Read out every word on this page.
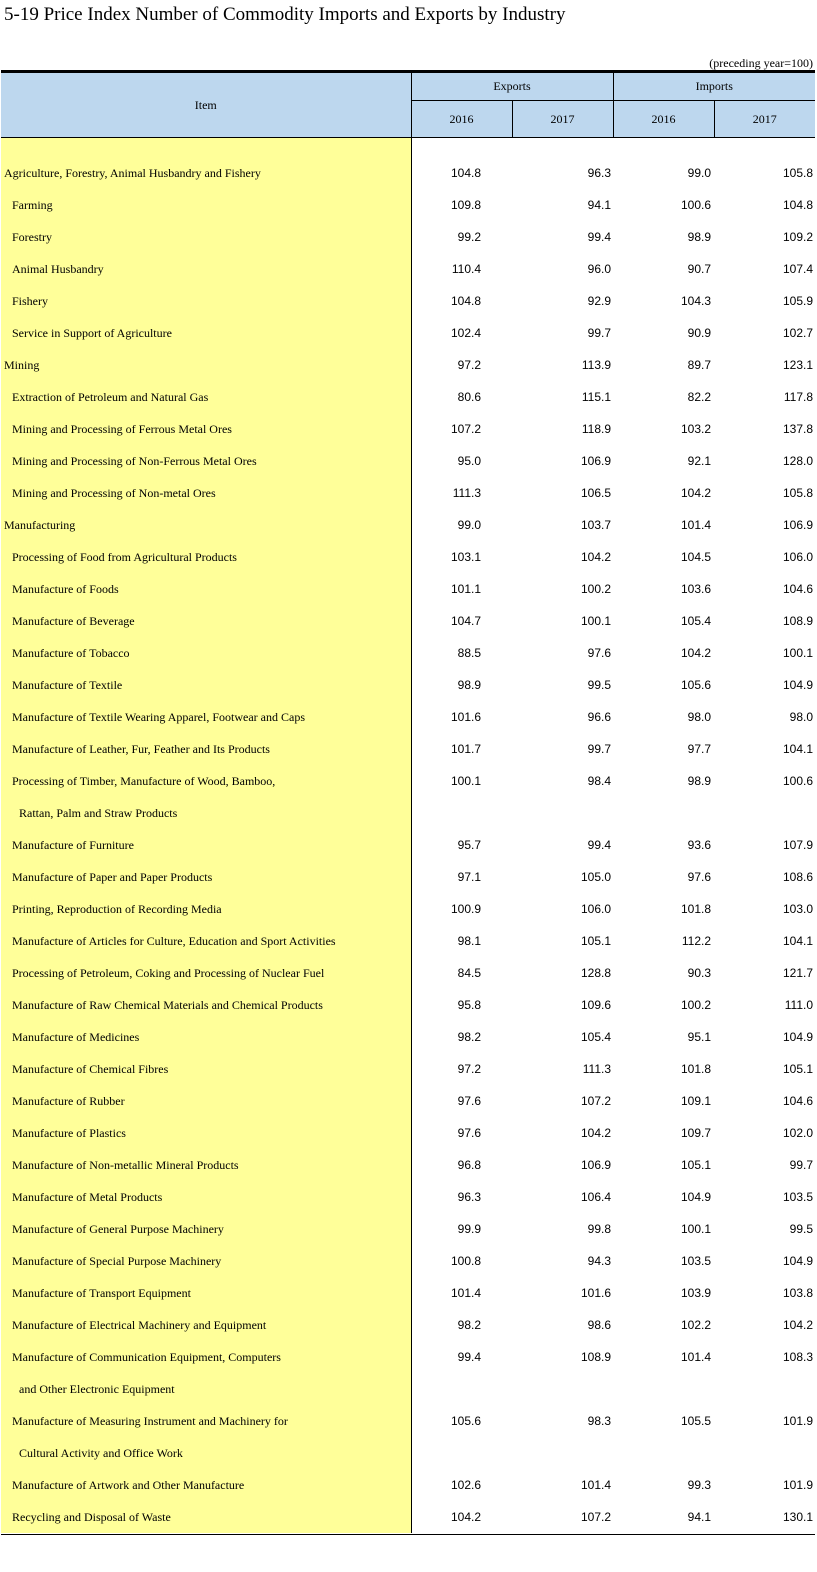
5-19 Price Index Number of Commodity Imports and Exports by Industry
(preceding year=100)
Item	Exports		Imports	
	2016	2017	2016	2017

Agriculture, Forestry, Animal Husbandry and Fishery	104.8	96.3	99.0	105.8

Farming	109.8	94.1	100.6	104.8

Forestry	99.2	99.4	98.9	109.2

Animal Husbandry	110.4	96.0	90.7	107.4

Fishery	104.8	92.9	104.3	105.9

Service in Support of Agriculture	102.4	99.7	90.9	102.7

Mining	97.2	113.9	89.7	123.1

Extraction of Petroleum and Natural Gas	80.6	115.1	82.2	117.8

Mining and Processing of Ferrous Metal Ores	107.2	118.9	103.2	137.8

Mining and Processing of Non-Ferrous Metal Ores	95.0	106.9	92.1	128.0

Mining and Processing of Non-metal Ores	111.3	106.5	104.2	105.8

Manufacturing	99.0	103.7	101.4	106.9

Processing of Food from Agricultural Products	103.1	104.2	104.5	106.0

Manufacture of Foods	101.1	100.2	103.6	104.6

Manufacture of Beverage	104.7	100.1	105.4	108.9

Manufacture of Tobacco	88.5	97.6	104.2	100.1

Manufacture of Textile	98.9	99.5	105.6	104.9

Manufacture of Textile Wearing Apparel, Footwear and Caps	101.6	96.6	98.0	98.0

Manufacture of Leather, Fur, Feather and Its Products	101.7	99.7	97.7	104.1

Processing of Timber, Manufacture of Wood, Bamboo,	100.1	98.4	98.9	100.6

Rattan, Palm and Straw Products				

Manufacture of Furniture	95.7	99.4	93.6	107.9

Manufacture of Paper and Paper Products	97.1	105.0	97.6	108.6

Printing, Reproduction of Recording Media	100.9	106.0	101.8	103.0

Manufacture of Articles for Culture, Education and Sport Activities	98.1	105.1	112.2	104.1

Processing of Petroleum, Coking and Processing of Nuclear Fuel	84.5	128.8	90.3	121.7

Manufacture of Raw Chemical Materials and Chemical Products	95.8	109.6	100.2	111.0

Manufacture of Medicines	98.2	105.4	95.1	104.9

Manufacture of Chemical Fibres	97.2	111.3	101.8	105.1

Manufacture of Rubber	97.6	107.2	109.1	104.6

Manufacture of Plastics	97.6	104.2	109.7	102.0

Manufacture of Non-metallic Mineral Products	96.8	106.9	105.1	99.7

Manufacture of Metal Products	96.3	106.4	104.9	103.5

Manufacture of General Purpose Machinery	99.9	99.8	100.1	99.5

Manufacture of Special Purpose Machinery	100.8	94.3	103.5	104.9

Manufacture of Transport Equipment	101.4	101.6	103.9	103.8

Manufacture of Electrical Machinery and Equipment	98.2	98.6	102.2	104.2

Manufacture of Communication Equipment, Computers	99.4	108.9	101.4	108.3

and Other Electronic Equipment				

Manufacture of Measuring Instrument and Machinery for	105.6	98.3	105.5	101.9

Cultural Activity and Office Work				

Manufacture of Artwork and Other Manufacture	102.6	101.4	99.3	101.9

Recycling and Disposal of Waste	104.2	107.2	94.1	130.1
